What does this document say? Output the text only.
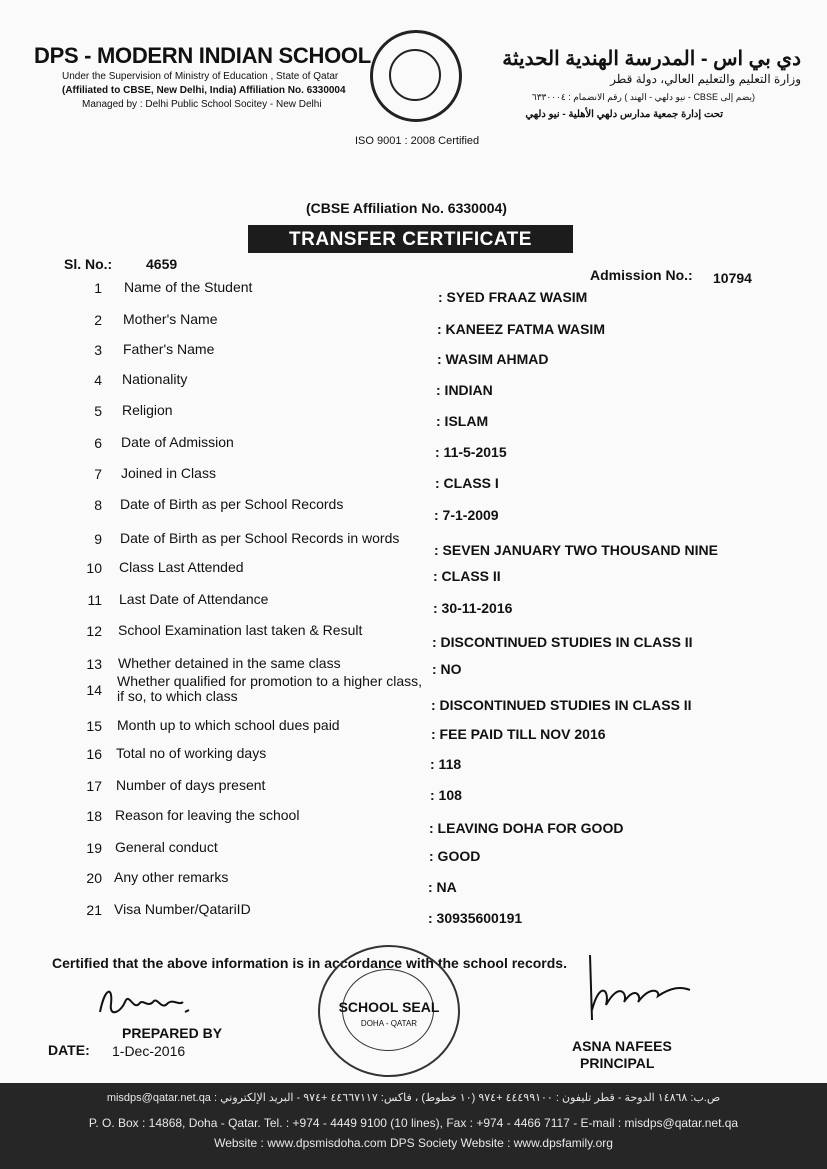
DPS - MODERN INDIAN SCHOOL
Under the Supervision of Ministry of Education , State of Qatar
(Affiliated to CBSE, New Delhi, India) Affiliation No. 6330004
Managed by : Delhi Public School Socitey - New Delhi
ISO 9001 : 2008 Certified
دي بي اس - المدرسة الهندية الحديثة
وزارة التعليم والتعليم العالي، دولة قطر
(يضم إلى CBSE - نيو دلهي - الهند ) رقم الانضمام : ٦٣٣٠٠٠٤
تحت إدارة جمعية مدارس دلهي الأهلية - نيو دلهي
(CBSE Affiliation No. 6330004)
TRANSFER CERTIFICATE
Sl. No.: 4659
Admission No.: 10794
1 Name of the Student
: SYED FRAAZ WASIM
2 Mother's Name
: KANEEZ FATMA WASIM
3 Father's Name
: WASIM AHMAD
4 Nationality
: INDIAN
5 Religion
: ISLAM
6 Date of Admission
: 11-5-2015
7 Joined in Class
: CLASS I
8 Date of Birth as per School Records
: 7-1-2009
9 Date of Birth as per School Records in words
: SEVEN JANUARY TWO THOUSAND NINE
10 Class Last Attended
: CLASS II
11 Last Date of Attendance
: 30-11-2016
12 School Examination last taken & Result
: DISCONTINUED STUDIES IN CLASS II
13 Whether detained in the same class	: NO
14
Whether qualified for promotion to a higher class, if so, to which class
: DISCONTINUED STUDIES IN CLASS II
15 Month up to which school dues paid
: FEE PAID TILL NOV 2016
16 Total no of working days
: 118
17 Number of days present
: 108
18 Reason for leaving the school
: LEAVING DOHA FOR GOOD
19 General conduct
: GOOD
20 Any other remarks
: NA
21 Visa Number/QatariID
: 30935600191
Certified that the above information is in accordance with the school records.
PREPARED BY
DATE: 1-Dec-2016
SCHOOL SEAL
DOHA - QATAR
ASNA NAFEES
PRINCIPAL
ص.ب: ١٤٨٦٨ الدوحة - قطر تليفون : ٤٤٤٩٩١٠٠ +٩٧٤ (١٠ خطوط) ، فاكس: ٤٤٦٦٧١١٧ +٩٧٤ - البريد الإلكتروني : misdps@qatar.net.qa
P. O. Box : 14868, Doha - Qatar. Tel. : +974 - 4449 9100 (10 lines), Fax : +974 - 4466 7117 - E-mail : misdps@qatar.net.qa
Website : www.dpsmisdoha.com DPS Society Website : www.dpsfamily.org
